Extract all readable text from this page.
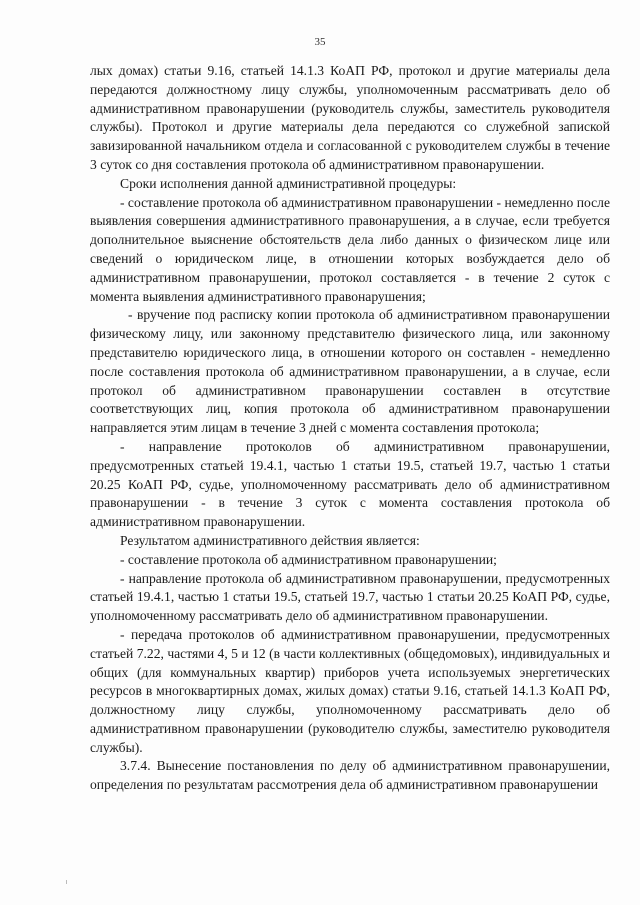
35

лых домах) статьи 9.16, статьей 14.1.3 КоАП РФ, протокол и другие материалы дела передаются должностному лицу службы, уполномоченным рассматривать дело об административном правонарушении (руководитель службы, заместитель руководителя службы). Протокол и другие материалы дела передаются со служебной запиской завизированной начальником отдела и согласованной с руководителем службы в течение 3 суток со дня составления протокола об административном правонарушении.

Сроки исполнения данной административной процедуры:

- составление протокола об административном правонарушении - немедленно после выявления совершения административного правонарушения, а в случае, если требуется дополнительное выяснение обстоятельств дела либо данных о физическом лице или сведений о юридическом лице, в отношении которых возбуждается дело об административном правонарушении, протокол составляется - в течение 2 суток с момента выявления административного правонарушения;

- вручение под расписку копии протокола об административном правонарушении физическому лицу, или законному представителю физического лица, или законному представителю юридического лица, в отношении которого он составлен - немедленно после составления протокола об административном правонарушении, а в случае, если протокол об административном правонарушении составлен в отсутствие соответствующих лиц, копия протокола об административном правонарушении направляется этим лицам в течение 3 дней с момента составления протокола;

- направление протоколов об административном правонарушении, предусмотренных статьей 19.4.1, частью 1 статьи 19.5, статьей 19.7, частью 1 статьи 20.25 КоАП РФ, судье, уполномоченному рассматривать дело об административном правонарушении - в течение 3 суток с момента составления протокола об административном правонарушении.

Результатом административного действия является:

- составление протокола об административном правонарушении;

- направление протокола об административном правонарушении, предусмотренных статьей 19.4.1, частью 1 статьи 19.5, статьей 19.7, частью 1 статьи 20.25 КоАП РФ, судье, уполномоченному рассматривать дело об административном правонарушении.

- передача протоколов об административном правонарушении, предусмотренных статьей 7.22, частями 4, 5 и 12 (в части коллективных (общедомовых), индивидуальных и общих (для коммунальных квартир) приборов учета используемых энергетических ресурсов в многоквартирных домах, жилых домах) статьи 9.16, статьей 14.1.3 КоАП РФ, должностному лицу службы, уполномоченному рассматривать дело об административном правонарушении (руководителю службы, заместителю руководителя службы).

3.7.4. Вынесение постановления по делу об административном правонарушении, определения по результатам рассмотрения дела об административном правонарушении
